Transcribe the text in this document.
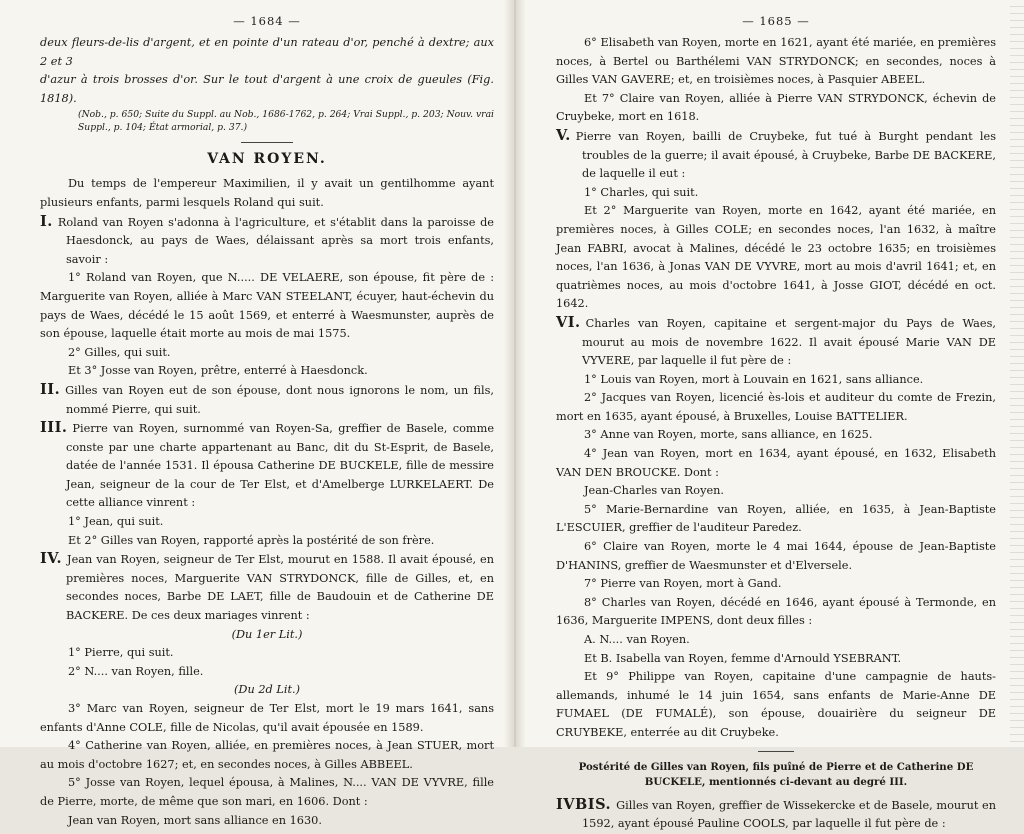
— 1684 —

deux fleurs-de-lis d'argent, et en pointe d'un rateau d'or, penché à dextre; aux 2 et 3

d'azur à trois brosses d'or. Sur le tout d'argent à une croix de gueules (Fig. 1818).

(Nob., p. 650; Suite du Suppl. au Nob., 1686-1762, p. 264; Vrai Suppl., p. 203; Nouv. vrai

Suppl., p. 104; État armorial, p. 37.)

VAN ROYEN.

Du temps de l'empereur Maximilien, il y avait un gentilhomme ayant plusieurs enfants, parmi lesquels Roland qui suit.

I. Roland van Royen s'adonna à l'agriculture, et s'établit dans la paroisse de Haesdonck, au pays de Waes, délaissant après sa mort trois enfants, savoir :

1° Roland van Royen, que N..... DE VELAERE, son épouse, fit père de : Marguerite van Royen, alliée à Marc VAN STEELANT, écuyer, haut-échevin du pays de Waes, décédé le 15 août 1569, et enterré à Waesmunster, auprès de son épouse, laquelle était morte au mois de mai 1575.

2° Gilles, qui suit.

Et 3° Josse van Royen, prêtre, enterré à Haesdonck.

II. Gilles van Royen eut de son épouse, dont nous ignorons le nom, un fils, nommé Pierre, qui suit.

III. Pierre van Royen, surnommé van Royen-Sa, greffier de Basele, comme conste par une charte appartenant au Banc, dit du St-Esprit, de Basele, datée de l'année 1531. Il épousa Catherine DE BUCKELE, fille de messire Jean, seigneur de la cour de Ter Elst, et d'Amelberge LURKELAERT. De cette alliance vinrent :

1° Jean, qui suit.

Et 2° Gilles van Royen, rapporté après la postérité de son frère.

IV. Jean van Royen, seigneur de Ter Elst, mourut en 1588. Il avait épousé, en premières noces, Marguerite VAN STRYDONCK, fille de Gilles, et, en secondes noces, Barbe DE LAET, fille de Baudouin et de Catherine DE BACKERE. De ces deux mariages vinrent :

(Du 1er Lit.)

1° Pierre, qui suit.

2° N.... van Royen, fille.

(Du 2d Lit.)

3° Marc van Royen, seigneur de Ter Elst, mort le 19 mars 1641, sans enfants d'Anne COLE, fille de Nicolas, qu'il avait épousée en 1589.

4° Catherine van Royen, alliée, en premières noces, à Jean STUER, mort au mois d'octobre 1627; et, en secondes noces, à Gilles ABBEEL.

5° Josse van Royen, lequel épousa, à Malines, N.... VAN DE VYVRE, fille de Pierre, morte, de même que son mari, en 1606. Dont :

Jean van Royen, mort sans alliance en 1630.

— 1685 —

6° Elisabeth van Royen, morte en 1621, ayant été mariée, en premières noces, à Bertel ou Barthélemi VAN STRYDONCK; en secondes, noces à Gilles VAN GAVERE; et, en troisièmes noces, à Pasquier ABEEL.

Et 7° Claire van Royen, alliée à Pierre VAN STRYDONCK, échevin de Cruybeke, mort en 1618.

V. Pierre van Royen, bailli de Cruybeke, fut tué à Burght pendant les troubles de la guerre; il avait épousé, à Cruybeke, Barbe DE BACKERE, de laquelle il eut :

1° Charles, qui suit.

Et 2° Marguerite van Royen, morte en 1642, ayant été mariée, en premières noces, à Gilles COLE; en secondes noces, l'an 1632, à maître Jean FABRI, avocat à Malines, décédé le 23 octobre 1635; en troisièmes noces, l'an 1636, à Jonas VAN DE VYVRE, mort au mois d'avril 1641; et, en quatrièmes noces, au mois d'octobre 1641, à Josse GIOT, décédé en oct. 1642.

VI. Charles van Royen, capitaine et sergent-major du Pays de Waes, mourut au mois de novembre 1622. Il avait épousé Marie VAN DE VYVERE, par laquelle il fut père de :

1° Louis van Royen, mort à Louvain en 1621, sans alliance.

2° Jacques van Royen, licencié ès-lois et auditeur du comte de Frezin, mort en 1635, ayant épousé, à Bruxelles, Louise BATTELIER.

3° Anne van Royen, morte, sans alliance, en 1625.

4° Jean van Royen, mort en 1634, ayant épousé, en 1632, Elisabeth VAN DEN BROUCKE. Dont :

Jean-Charles van Royen.

5° Marie-Bernardine van Royen, alliée, en 1635, à Jean-Baptiste L'ESCUIER, greffier de l'auditeur Paredez.

6° Claire van Royen, morte le 4 mai 1644, épouse de Jean-Baptiste D'HANINS, greffier de Waesmunster et d'Elversele.

7° Pierre van Royen, mort à Gand.

8° Charles van Royen, décédé en 1646, ayant épousé à Termonde, en 1636, Marguerite IMPENS, dont deux filles :

A. N.... van Royen.

Et B. Isabella van Royen, femme d'Arnould YSEBRANT.

Et 9° Philippe van Royen, capitaine d'une campagnie de hauts-allemands, inhumé le 14 juin 1654, sans enfants de Marie-Anne DE FUMAEL (DE FUMALÉ), son épouse, douairière du seigneur DE CRUYBEKE, enterrée au dit Cruybeke.

Postérité de Gilles van Royen, fils puîné de Pierre et de Catherine DE BUCKELE, mentionnés ci-devant au degré III.

IVBIS. Gilles van Royen, greffier de Wissekercke et de Basele, mourut en 1592, ayant épousé Pauline COOLS, par laquelle il fut père de :
